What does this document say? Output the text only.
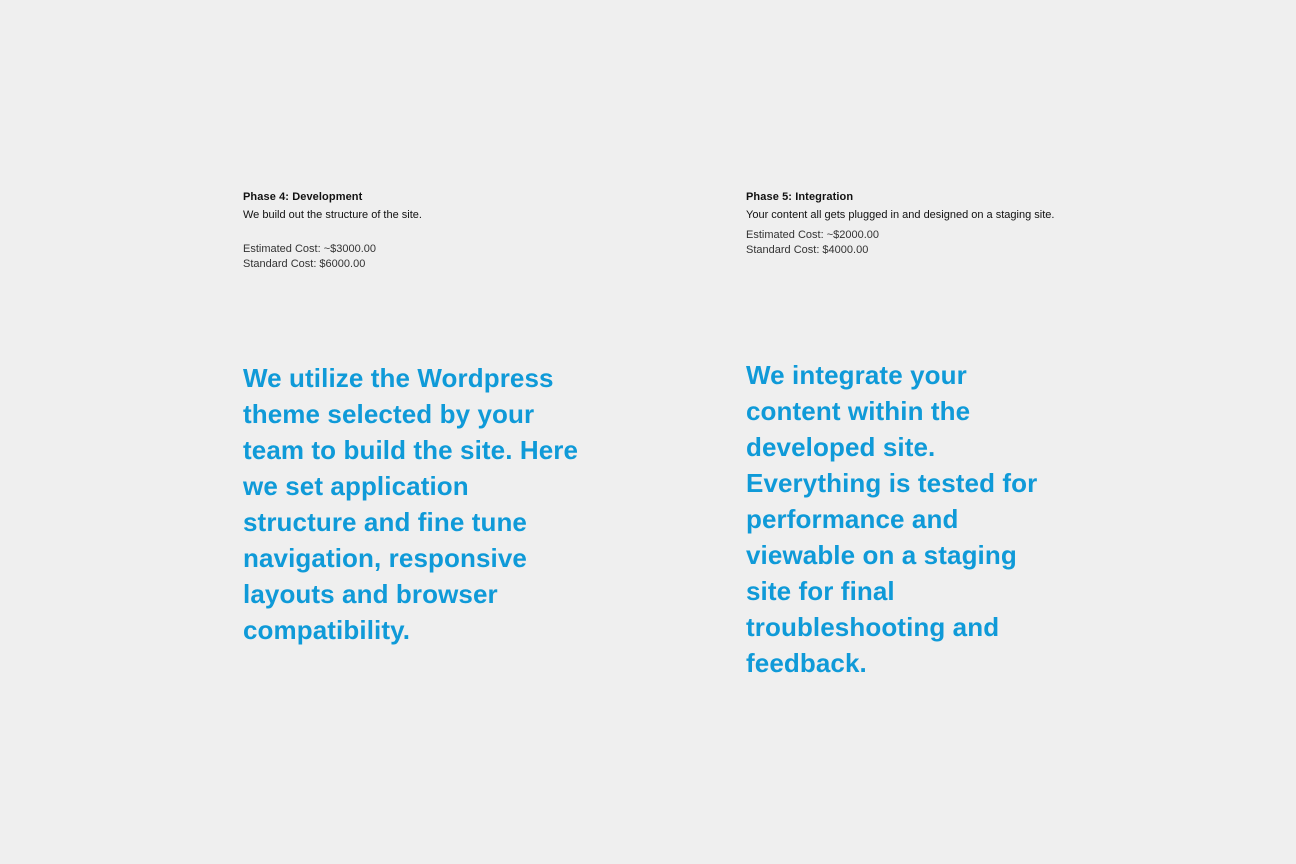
Phase 4: Development

We build out the structure of the site.

Estimated Cost: ~$3000.00

Standard Cost: $6000.00

Phase 5: Integration

Your content all gets plugged in and designed on a staging site.

Estimated Cost: ~$2000.00

Standard Cost: $4000.00

We utilize the Wordpress theme selected by your team to build the site. Here we set application structure and fine tune navigation, responsive layouts and browser compatibility.

We integrate your content within the developed site. Everything is tested for performance and viewable on a staging site for final troubleshooting and feedback.
